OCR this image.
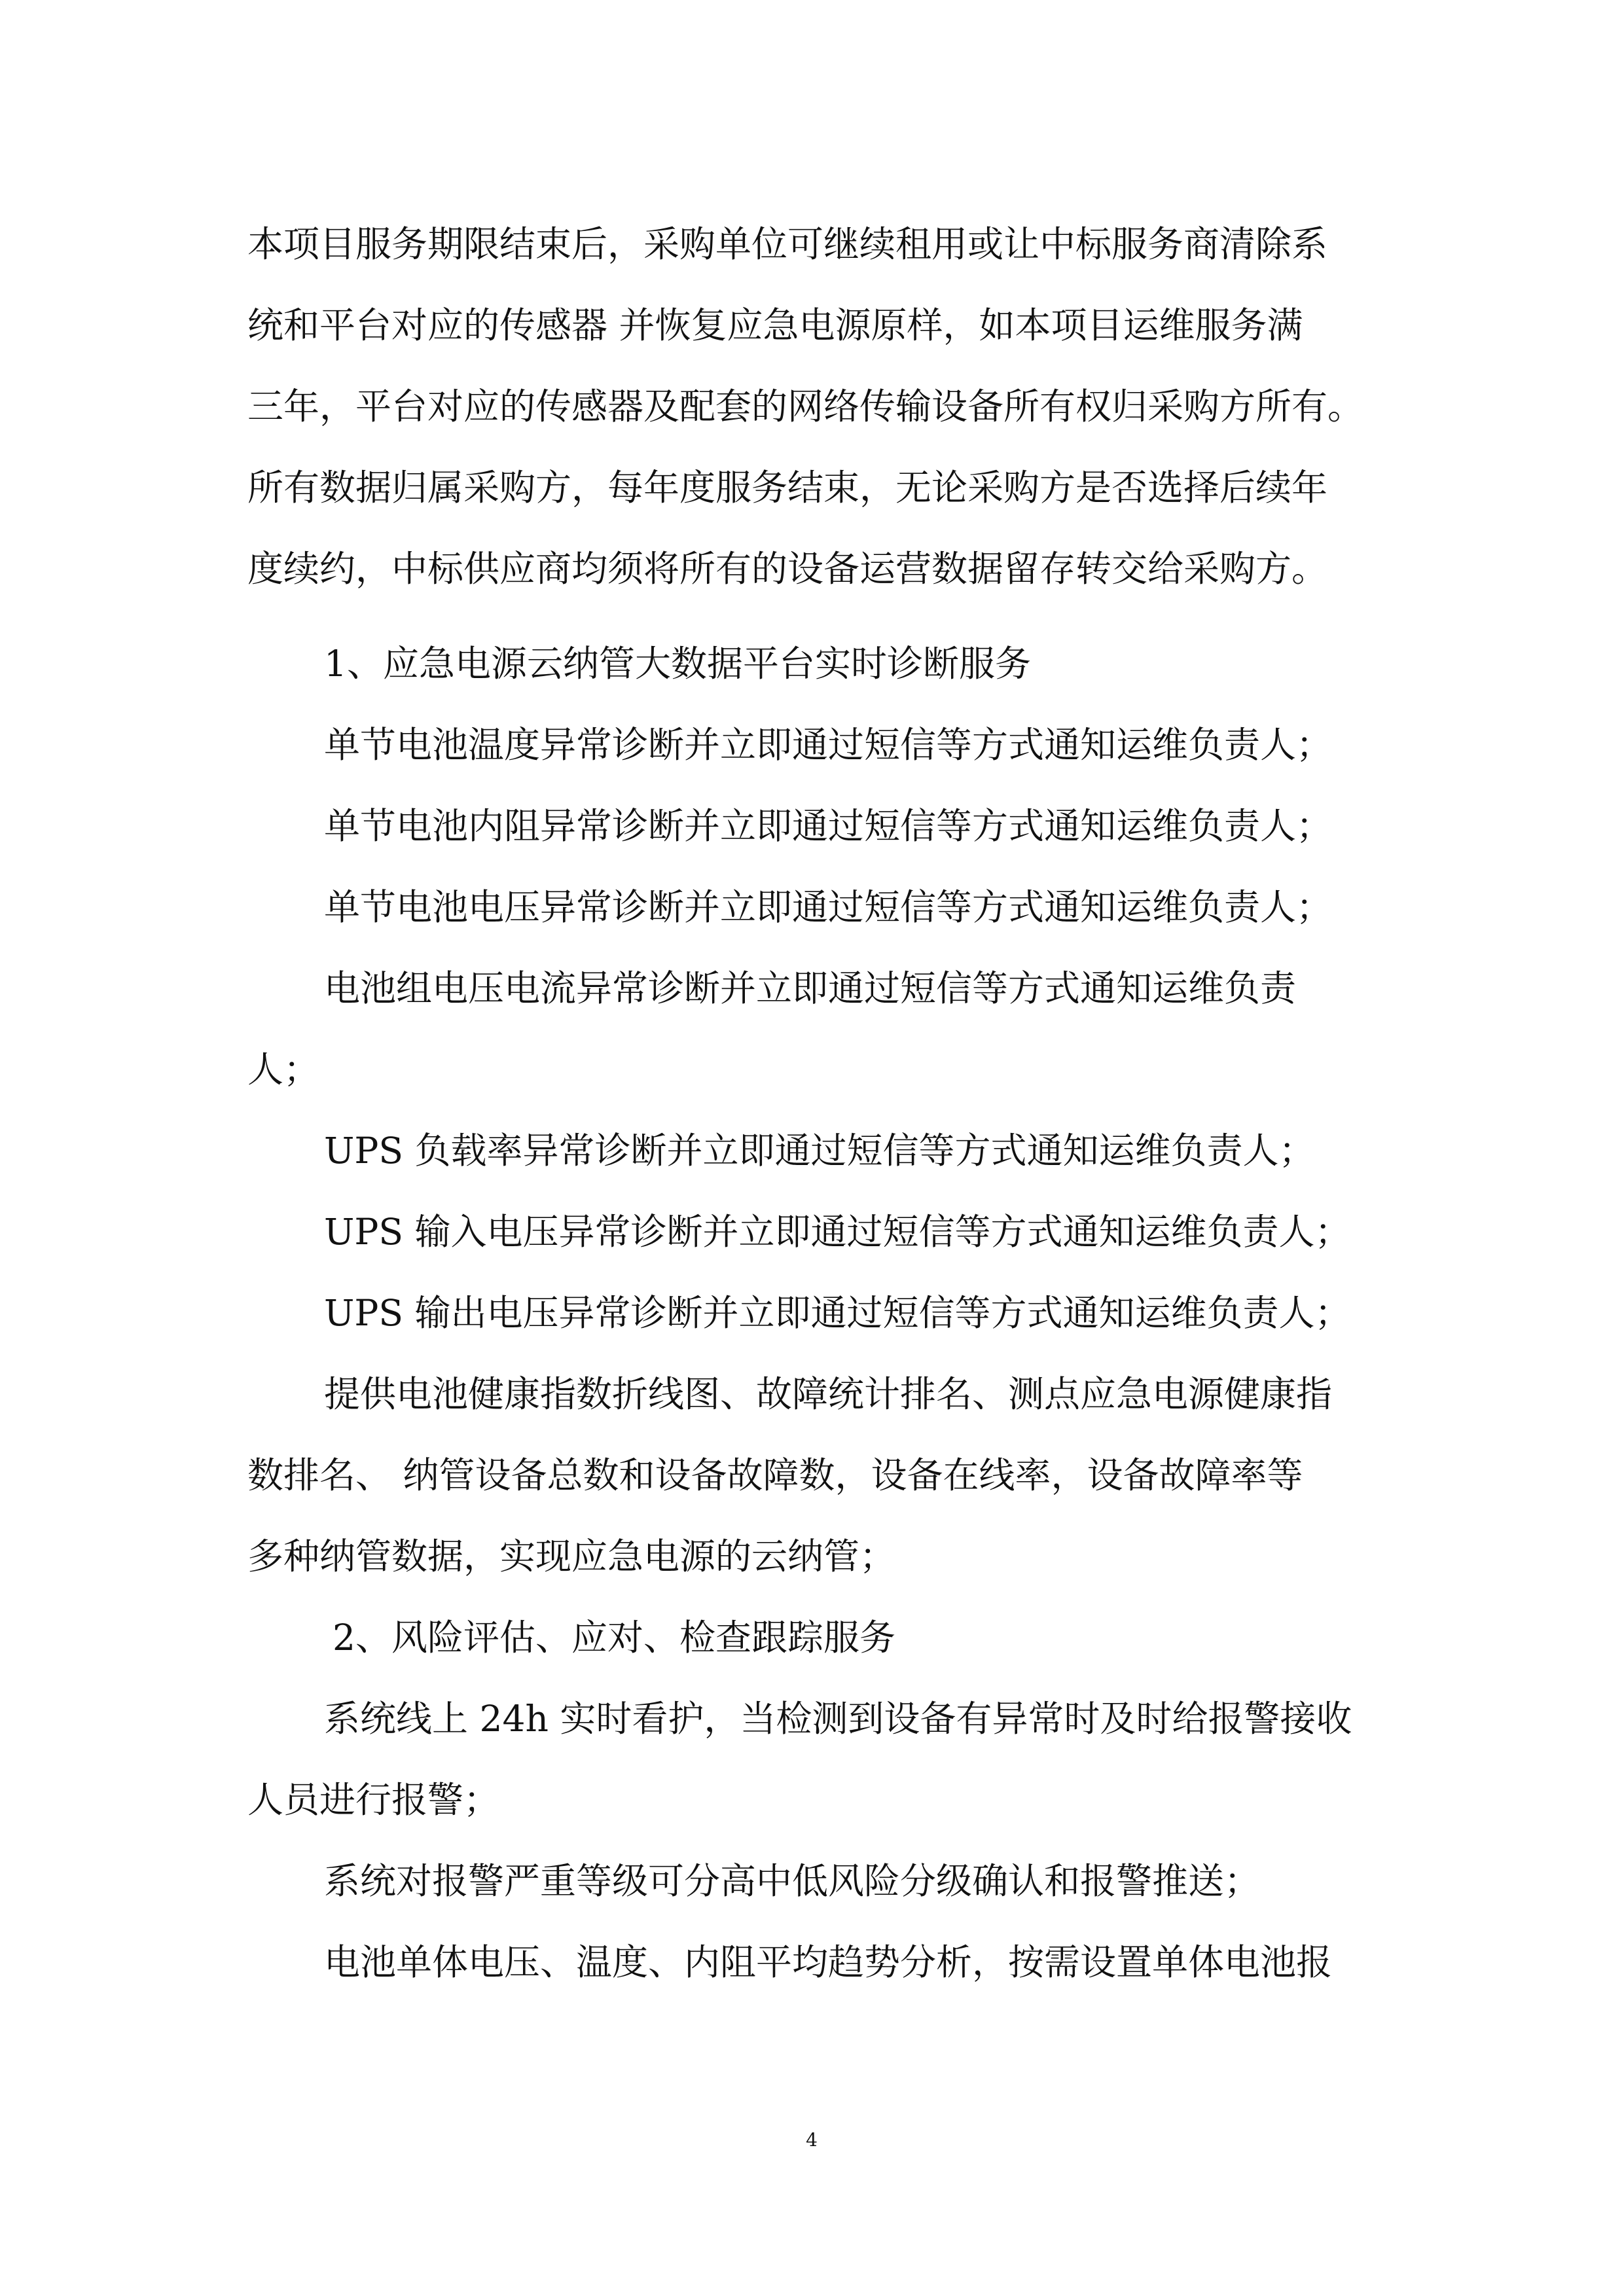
本项目服务期限结束后，采购单位可继续租用或让中标服务商清除系
统和平台对应的传感器 并恢复应急电源原样，如本项目运维服务满
三年，平台对应的传感器及配套的网络传输设备所有权归采购方所有。
所有数据归属采购方，每年度服务结束，无论采购方是否选择后续年
度续约，中标供应商均须将所有的设备运营数据留存转交给采购方。
1、应急电源云纳管大数据平台实时诊断服务
单节电池温度异常诊断并立即通过短信等方式通知运维负责人；
单节电池内阻异常诊断并立即通过短信等方式通知运维负责人；
单节电池电压异常诊断并立即通过短信等方式通知运维负责人；
电池组电压电流异常诊断并立即通过短信等方式通知运维负责
人；
UPS 负载率异常诊断并立即通过短信等方式通知运维负责人；
UPS 输入电压异常诊断并立即通过短信等方式通知运维负责人；
UPS 输出电压异常诊断并立即通过短信等方式通知运维负责人；
提供电池健康指数折线图、故障统计排名、测点应急电源健康指
数排名、 纳管设备总数和设备故障数，设备在线率，设备故障率等
多种纳管数据，实现应急电源的云纳管；
2、风险评估、应对、检查跟踪服务
系统线上 24h 实时看护，当检测到设备有异常时及时给报警接收
人员进行报警；
系统对报警严重等级可分高中低风险分级确认和报警推送；
电池单体电压、温度、内阻平均趋势分析，按需设置单体电池报
4
